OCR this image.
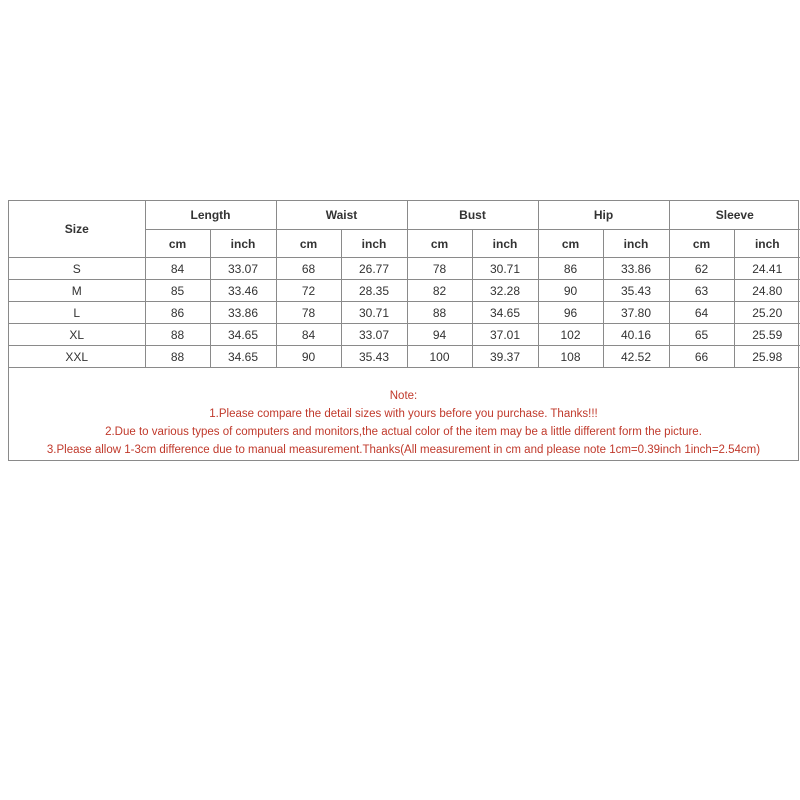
Size	Length		Waist		Bust		Hip		Sleeve	
	cm	inch	cm	inch	cm	inch	cm	inch	cm	inch
S	84	33.07	68	26.77	78	30.71	86	33.86	62	24.41
M	85	33.46	72	28.35	82	32.28	90	35.43	63	24.80
L	86	33.86	78	30.71	88	34.65	96	37.80	64	25.20
XL	88	34.65	84	33.07	94	37.01	102	40.16	65	25.59
XXL	88	34.65	90	35.43	100	39.37	108	42.52	66	25.98
Note:
1.Please compare the detail sizes with yours before you purchase. Thanks!!!
2.Due to various types of computers and monitors,the actual color of the item may be a little different form the picture.
3.Please allow 1-3cm difference due to manual measurement.Thanks(All measurement in cm and please note 1cm=0.39inch 1inch=2.54cm)
